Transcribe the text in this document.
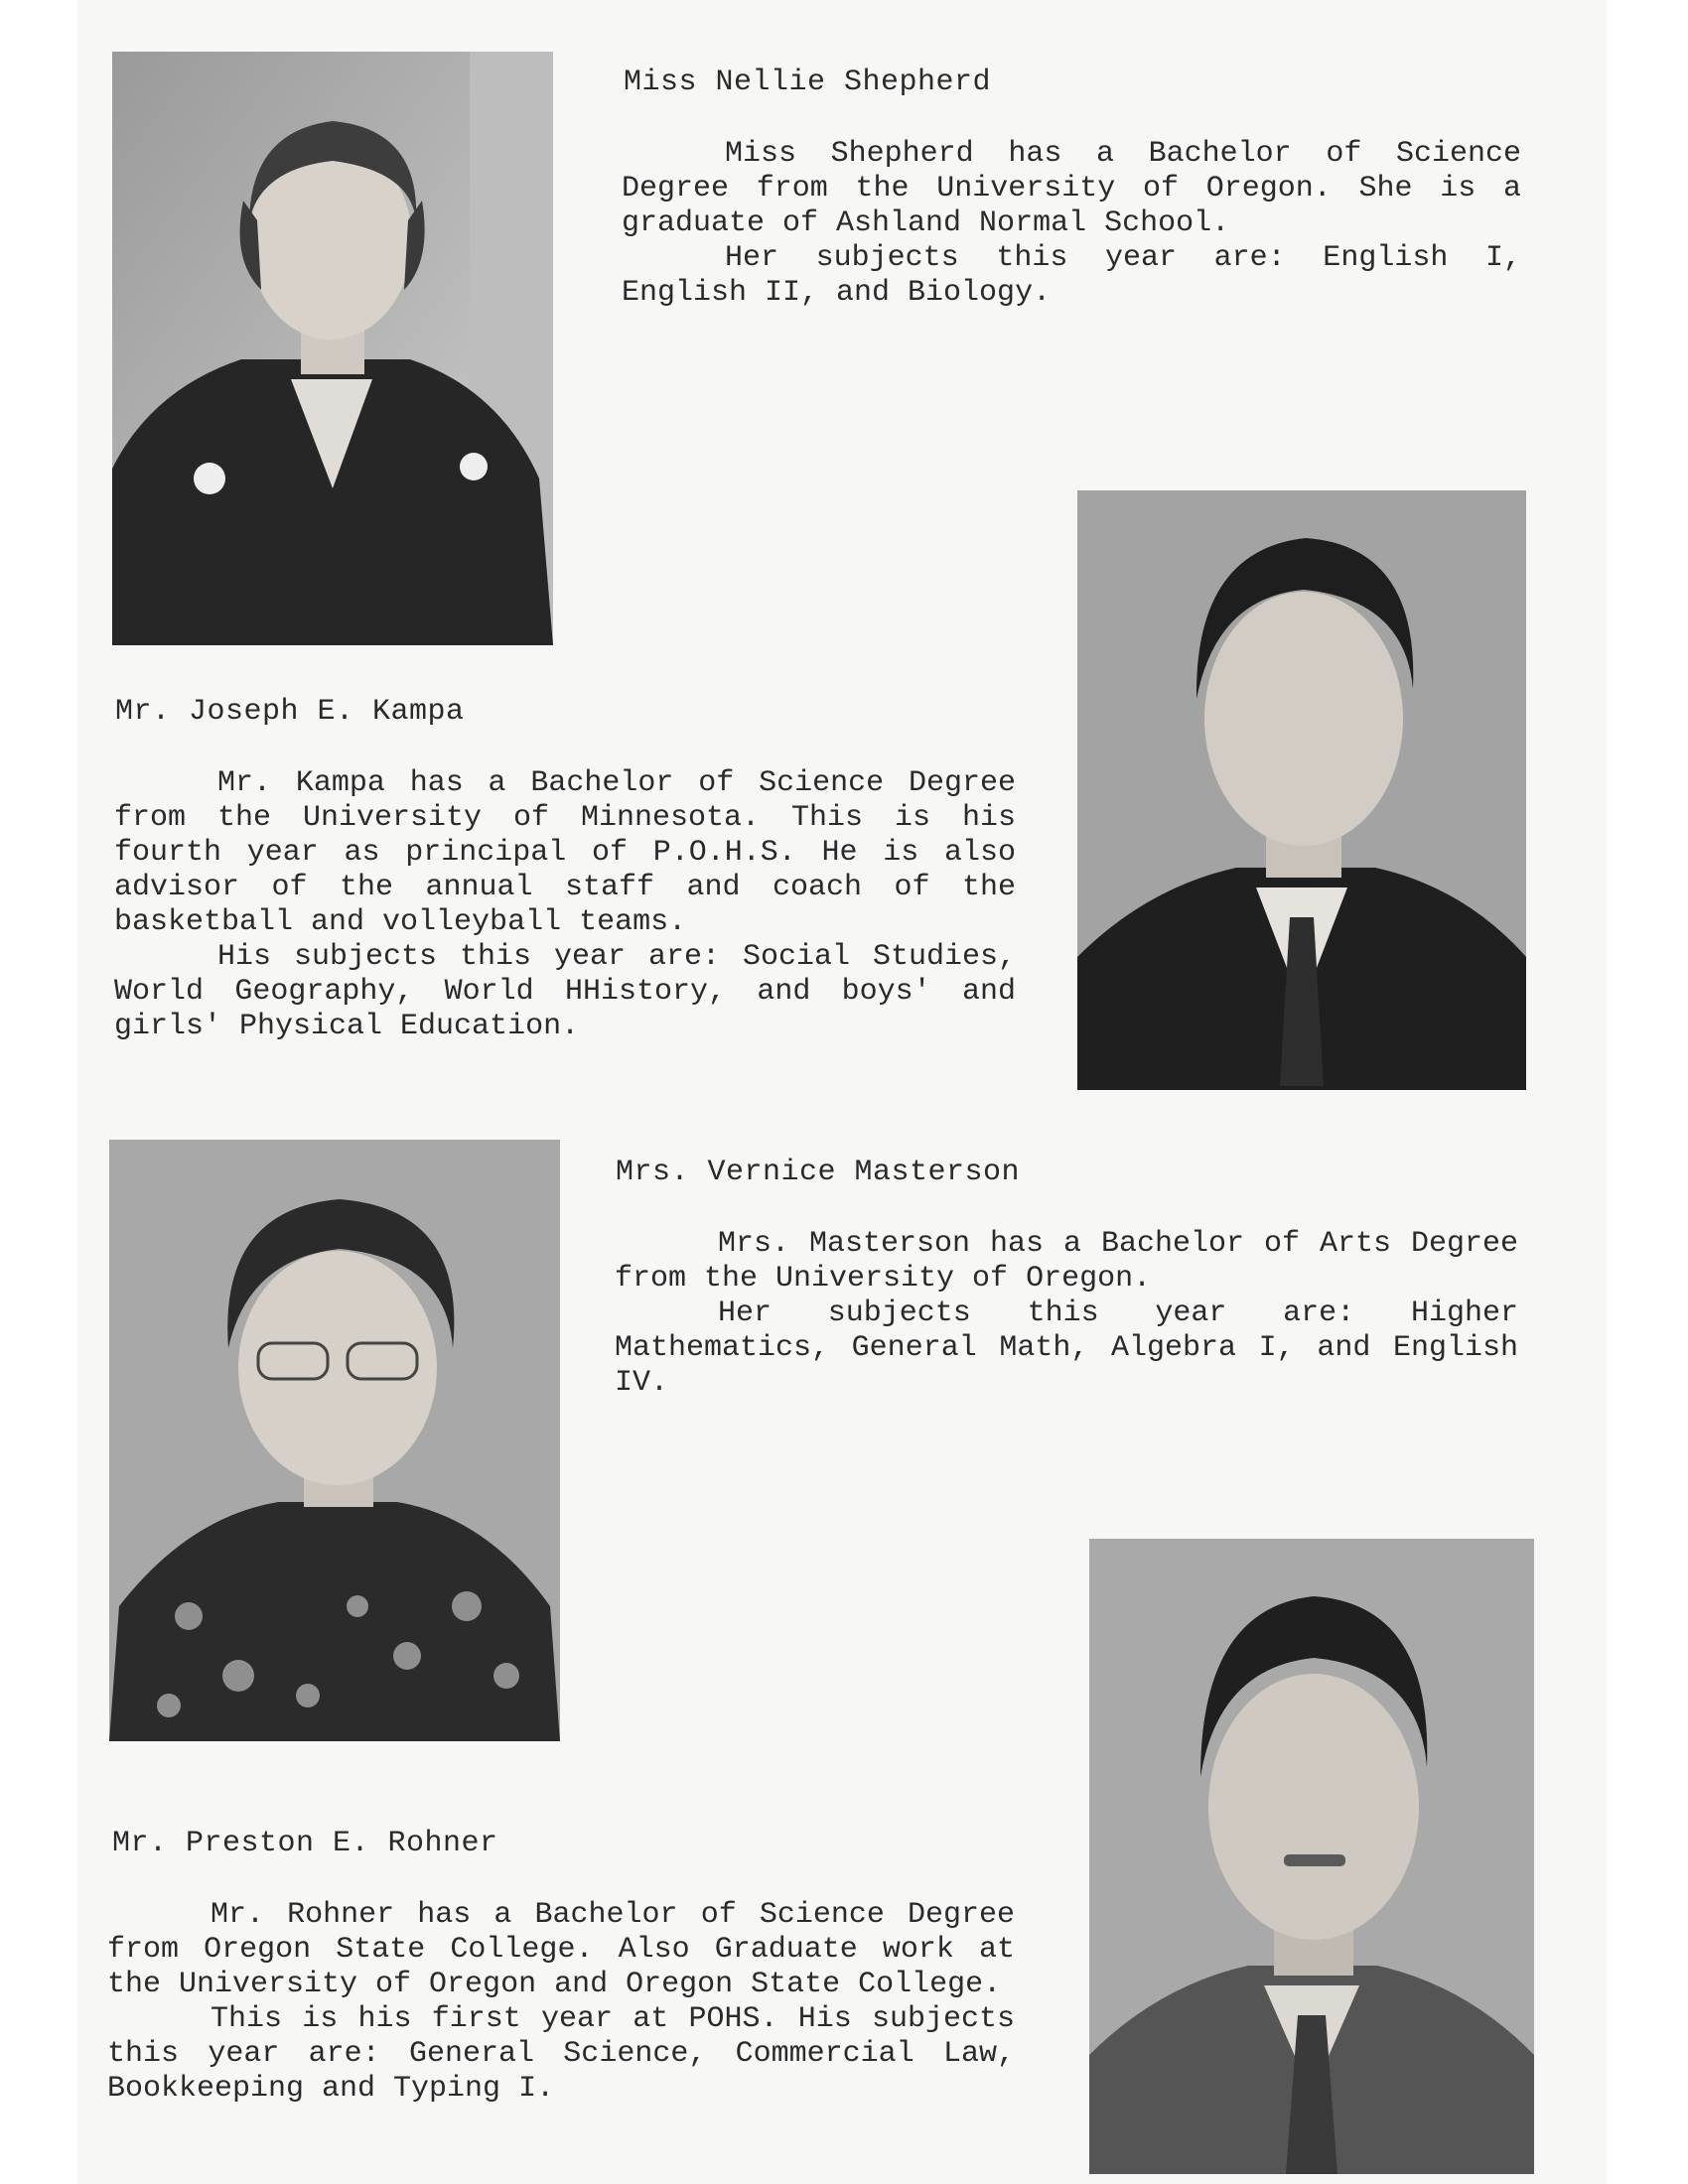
Miss Nellie Shepherd

Miss Shepherd has a Bachelor of Science Degree from the University of Oregon. She is a graduate of Ashland Normal School.

Her subjects this year are: English I, English II, and Biology.

Mr. Joseph E. Kampa

Mr. Kampa has a Bachelor of Science Degree from the University of Minnesota. This is his fourth year as principal of P.O.H.S. He is also advisor of the annual staff and coach of the basketball and volleyball teams.

His subjects this year are: Social Studies, World Geography, World HHistory, and boys' and girls' Physical Education.

Mrs. Vernice Masterson

Mrs. Masterson has a Bachelor of Arts Degree from the University of Oregon.

Her subjects this year are: Higher Mathematics, General Math, Algebra I, and English IV.

Mr. Preston E. Rohner

Mr. Rohner has a Bachelor of Science Degree from Oregon State College. Also Graduate work at the University of Oregon and Oregon State College.

This is his first year at POHS. His subjects this year are: General Science, Commercial Law, Bookkeeping and Typing I.
